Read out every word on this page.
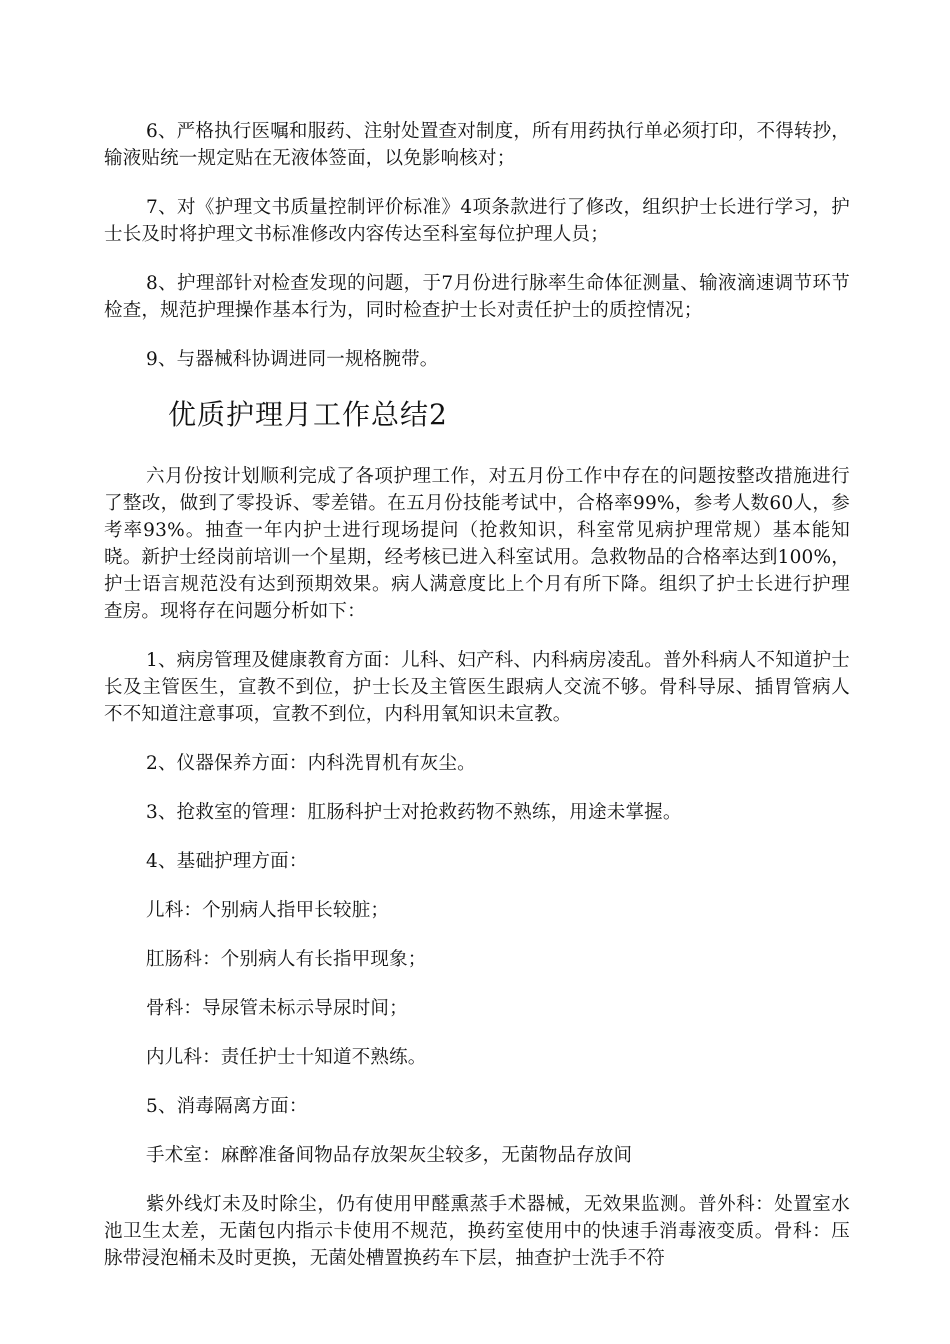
6、严格执行医嘱和服药、注射处置查对制度，所有用药执行单必须打印，不得转抄，输液贴统一规定贴在无液体签面，以免影响核对；

7、对《护理文书质量控制评价标准》4项条款进行了修改，组织护士长进行学习，护士长及时将护理文书标准修改内容传达至科室每位护理人员；

8、护理部针对检查发现的问题，于7月份进行脉率生命体征测量、输液滴速调节环节检查，规范护理操作基本行为，同时检查护士长对责任护士的质控情况；

9、与器械科协调进同一规格腕带。

优质护理月工作总结2

六月份按计划顺利完成了各项护理工作，对五月份工作中存在的问题按整改措施进行了整改，做到了零投诉、零差错。在五月份技能考试中，合格率99%，参考人数60人，参考率93%。抽查一年内护士进行现场提问（抢救知识，科室常见病护理常规）基本能知晓。新护士经岗前培训一个星期，经考核已进入科室试用。急救物品的合格率达到100%，护士语言规范没有达到预期效果。病人满意度比上个月有所下降。组织了护士长进行护理查房。现将存在问题分析如下：

1、病房管理及健康教育方面：儿科、妇产科、内科病房凌乱。普外科病人不知道护士长及主管医生，宣教不到位，护士长及主管医生跟病人交流不够。骨科导尿、插胃管病人不不知道注意事项，宣教不到位，内科用氧知识未宣教。

2、仪器保养方面：内科洗胃机有灰尘。

3、抢救室的管理：肛肠科护士对抢救药物不熟练，用途未掌握。

4、基础护理方面：

儿科：个别病人指甲长较脏；

肛肠科：个别病人有长指甲现象；

骨科：导尿管未标示导尿时间；

内儿科：责任护士十知道不熟练。

5、消毒隔离方面：

手术室：麻醉准备间物品存放架灰尘较多，无菌物品存放间

紫外线灯未及时除尘，仍有使用甲醛熏蒸手术器械，无效果监测。普外科：处置室水池卫生太差，无菌包内指示卡使用不规范，换药室使用中的快速手消毒液变质。骨科：压脉带浸泡桶未及时更换，无菌处槽置换药车下层，抽查护士洗手不符
